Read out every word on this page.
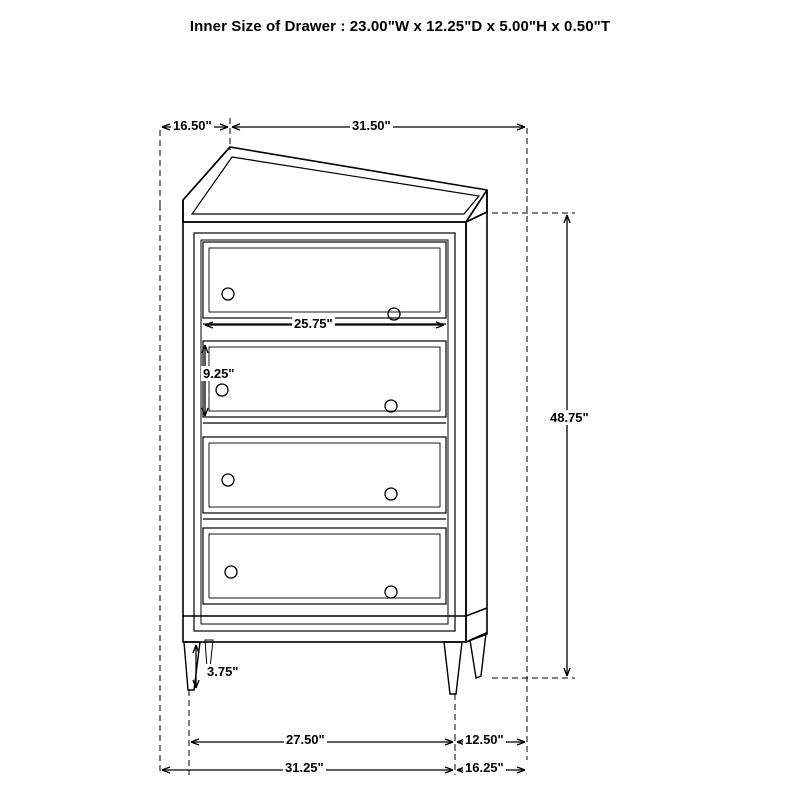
Inner Size of Drawer : 23.00"W x 12.25"D x 5.00"H x 0.50"T
16.50"	31.50"
25.75"
9.25"
48.75"
3.75"
27.50"	12.50"
31.25"	16.25"
